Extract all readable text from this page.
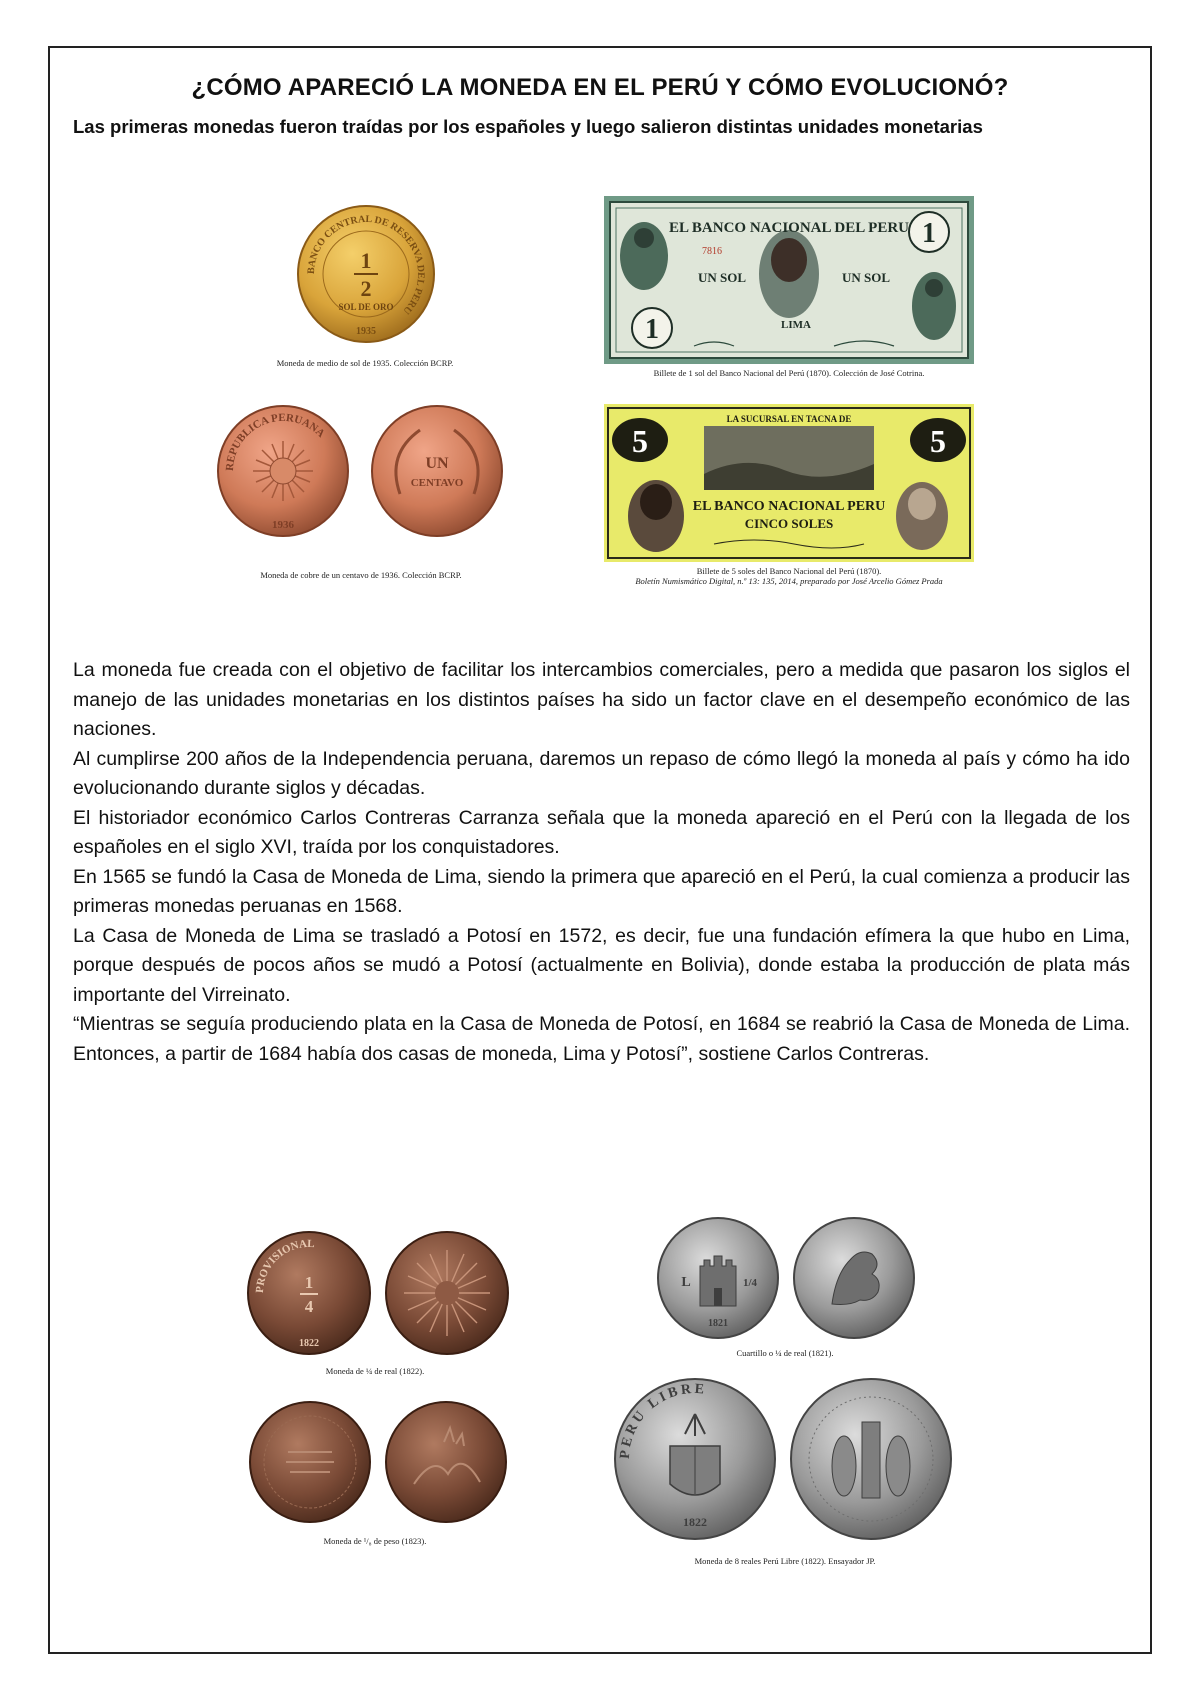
¿CÓMO APARECIÓ LA MONEDA EN EL PERÚ Y CÓMO EVOLUCIONÓ?
Las primeras monedas fueron traídas por los españoles y luego salieron distintas unidades monetarias
BANCO CENTRAL DE RESERVA DEL PERU
1
2
SOL DE ORO
1935
Moneda de medio de sol de 1935. Colección BCRP.
EL BANCO NACIONAL DEL PERU 1
1
7816
UN SOL	UN SOL
LIMA
Billete de 1 sol del Banco Nacional del Perú (1870). Colección de José Cotrina.
REPUBLICA PERUANA
1936
UN
CENTAVO
Moneda de cobre de un centavo de 1936. Colección BCRP.
LA SUCURSAL EN TACNA DE
5	5
EL BANCO NACIONAL PERU
CINCO SOLES
Billete de 5 soles del Banco Nacional del Perú (1870).
Boletín Numismático Digital, n.º 13: 135, 2014, preparado por José Arcelio Gómez Prada

La moneda fue creada con el objetivo de facilitar los intercambios comerciales, pero a medida que pasaron los siglos el manejo de las unidades monetarias en los distintos países ha sido un factor clave en el desempeño económico de las naciones.

Al cumplirse 200 años de la Independencia peruana, daremos un repaso de cómo llegó la moneda al país y cómo ha ido evolucionando durante siglos y décadas.

El historiador económico Carlos Contreras Carranza señala que la moneda apareció en el Perú con la llegada de los españoles en el siglo XVI, traída por los conquistadores.

En 1565 se fundó la Casa de Moneda de Lima, siendo la primera que apareció en el Perú, la cual comienza a producir las primeras monedas peruanas en 1568.

La Casa de Moneda de Lima se trasladó a Potosí en 1572, es decir, fue una fundación efímera la que hubo en Lima, porque después de pocos años se mudó a Potosí (actualmente en Bolivia), donde estaba la producción de plata más importante del Virreinato.

“Mientras se seguía produciendo plata en la Casa de Moneda de Potosí, en 1684 se reabrió la Casa de Moneda de Lima. Entonces, a partir de 1684 había dos casas de moneda, Lima y Potosí”, sostiene Carlos Contreras.

PROVISIONAL
1
4
1822
Moneda de ¼ de real (1822).
L	1/4
1821
Cuartillo o ¼ de real (1821).
Moneda de ¹/₈ de peso (1823).
PERU LIBRE
1822
Moneda de 8 reales Perú Libre (1822). Ensayador JP.
